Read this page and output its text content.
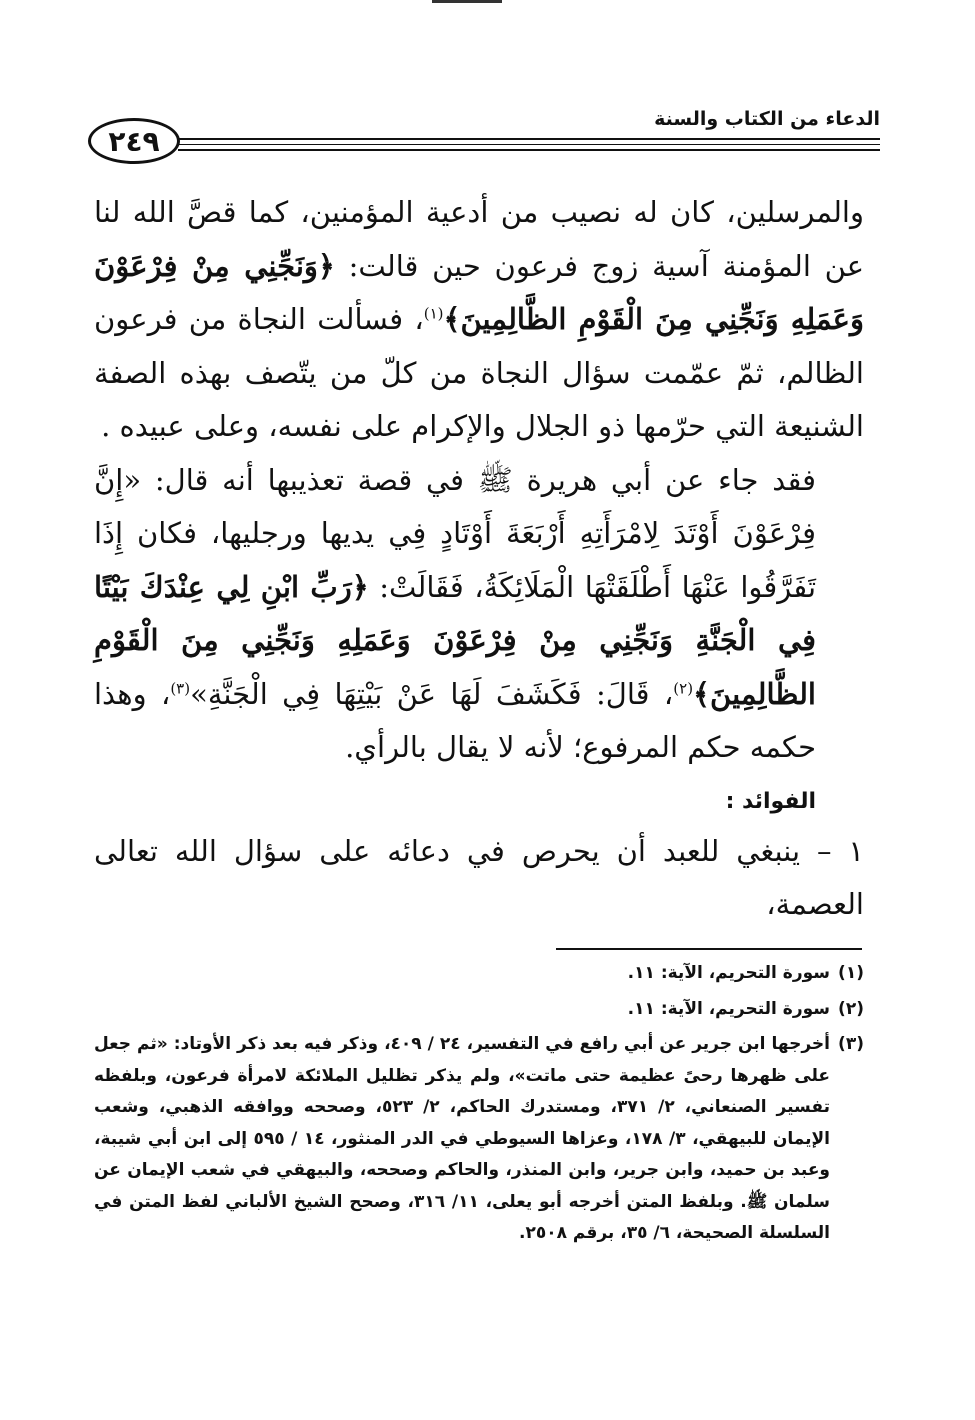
٢٤٩
الدعاء من الكتاب والسنة

والمرسلين، كان له نصيب من أدعية المؤمنين، كما قصَّ الله لنا عن المؤمنة آسية زوج فرعون حين قالت: ﴿وَنَجِّنِي مِنْ فِرْعَوْنَ وَعَمَلِهِ وَنَجِّنِي مِنَ الْقَوْمِ الظَّالِمِينَ﴾$^{(١)}$، فسألت النجاة من فرعون الظالم، ثمّ عمّمت سؤال النجاة من كلّ من يتّصف بهذه الصفة الشنيعة التي حرّمها ذو الجلال والإكرام على نفسه، وعلى عبيده .

فقد جاء عن أبي هريرة ﷺ في قصة تعذيبها أنه قال: «إِنَّ فِرْعَوْنَ أَوْتَدَ لِامْرَأَتِهِ أَرْبَعَةَ أَوْتَادٍ فِي يديها ورجليها، فكان إِذَا تَفَرَّقُوا عَنْهَا أَطْلَقَتْهَا الْمَلَائِكَةُ، فَقَالَتْ: ﴿رَبِّ ابْنِ لِي عِنْدَكَ بَيْتًا فِي الْجَنَّةِ وَنَجِّنِي مِنْ فِرْعَوْنَ وَعَمَلِهِ وَنَجِّنِي مِنَ الْقَوْمِ الظَّالِمِينَ﴾$^{(٢)}$، قَالَ: فَكَشَفَ لَهَا عَنْ بَيْتِهَا فِي الْجَنَّةِ»$^{(٣)}$، وهذا حكمه حكم المرفوع؛ لأنه لا يقال بالرأي.

الفوائد :

١ – ينبغي للعبد أن يحرص في دعائه على سؤال الله تعالى العصمة،

(١)
سورة التحريم، الآية: ١١.
(٢)
سورة التحريم، الآية: ١١.
(٣)
أخرجها ابن جرير عن أبي رافع في التفسير، ٢٤ / ٤٠٩، وذكر فيه بعد ذكر الأوتاد: «ثم جعل على ظهرها رحىً عظيمة حتى ماتت»، ولم يذكر تظليل الملائكة لامرأة فرعون، وبلفظه تفسير الصنعاني، ٢/ ٣٧١، ومستدرك الحاكم، ٢/ ٥٢٣، وصححه ووافقه الذهبي، وشعب الإيمان للبيهقي، ٣/ ١٧٨، وعزاها السيوطي في الدر المنثور، ١٤ / ٥٩٥ إلى ابن أبي شيبة، وعبد بن حميد، وابن جرير، وابن المنذر، والحاكم وصححه، والبيهقي في شعب الإيمان عن سلمان ﷺ. وبلفظ المتن أخرجه أبو يعلى، ١١/ ٣١٦، وصحح الشيخ الألباني لفظ المتن في السلسلة الصحيحة، ٦/ ٣٥، برقم ٢٥٠٨.
